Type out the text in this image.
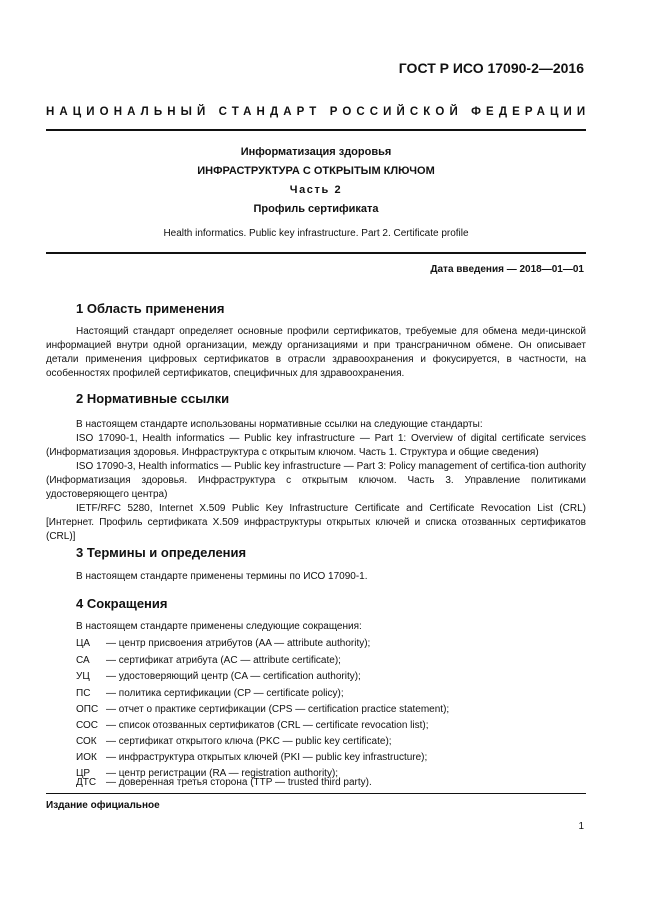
ГОСТ Р ИСО 17090-2—2016
НАЦИОНАЛЬНЫЙ СТАНДАРТ РОССИЙСКОЙ ФЕДЕРАЦИИ
Информатизация здоровья
ИНФРАСТРУКТУРА С ОТКРЫТЫМ КЛЮЧОМ
Часть 2
Профиль сертификата
Health informatics. Public key infrastructure. Part 2. Certificate profile
Дата введения — 2018—01—01
1 Область применения

Настоящий стандарт определяет основные профили сертификатов, требуемые для обмена меди-цинской информацией внутри одной организации, между организациями и при трансграничном обмене. Он описывает детали применения цифровых сертификатов в отрасли здравоохранения и фокусируется, в частности, на особенностях профилей сертификатов, специфичных для здравоохранения.

2 Нормативные ссылки

В настоящем стандарте использованы нормативные ссылки на следующие стандарты:

ISO 17090-1, Health informatics — Public key infrastructure — Part 1: Overview of digital certificate services (Информатизация здоровья. Инфраструктура с открытым ключом. Часть 1. Структура и общие сведения)

ISO 17090-3, Health informatics — Public key infrastructure — Part 3: Policy management of certifica-tion authority (Информатизация здоровья. Инфраструктура с открытым ключом. Часть 3. Управление политиками удостоверяющего центра)

IETF/RFC 5280, Internet X.509 Public Key Infrastructure Certificate and Certificate Revocation List (CRL) [Интернет. Профиль сертификата X.509 инфраструктуры открытых ключей и списка отозванных сертификатов (CRL)]

3 Термины и определения
В настоящем стандарте применены термины по ИСО 17090-1.
4 Сокращения
В настоящем стандарте применены следующие сокращения:
ЦА — центр присвоения атрибутов (AA — attribute authority);
СА — сертификат атрибута (AC — attribute certificate);
УЦ — удостоверяющий центр (CA — certification authority);
ПС — политика сертификации (CP — certificate policy);
ОПС — отчет о практике сертификации (CPS — certification practice statement);
СОС — список отозванных сертификатов (CRL — certificate revocation list);
СОК — сертификат открытого ключа (PKC — public key certificate);
ИОК — инфраструктура открытых ключей (PKI — public key infrastructure);
ЦР — центр регистрации (RA — registration authority);
ДТС — доверенная третья сторона (TTP — trusted third party).
Издание официальное
1
